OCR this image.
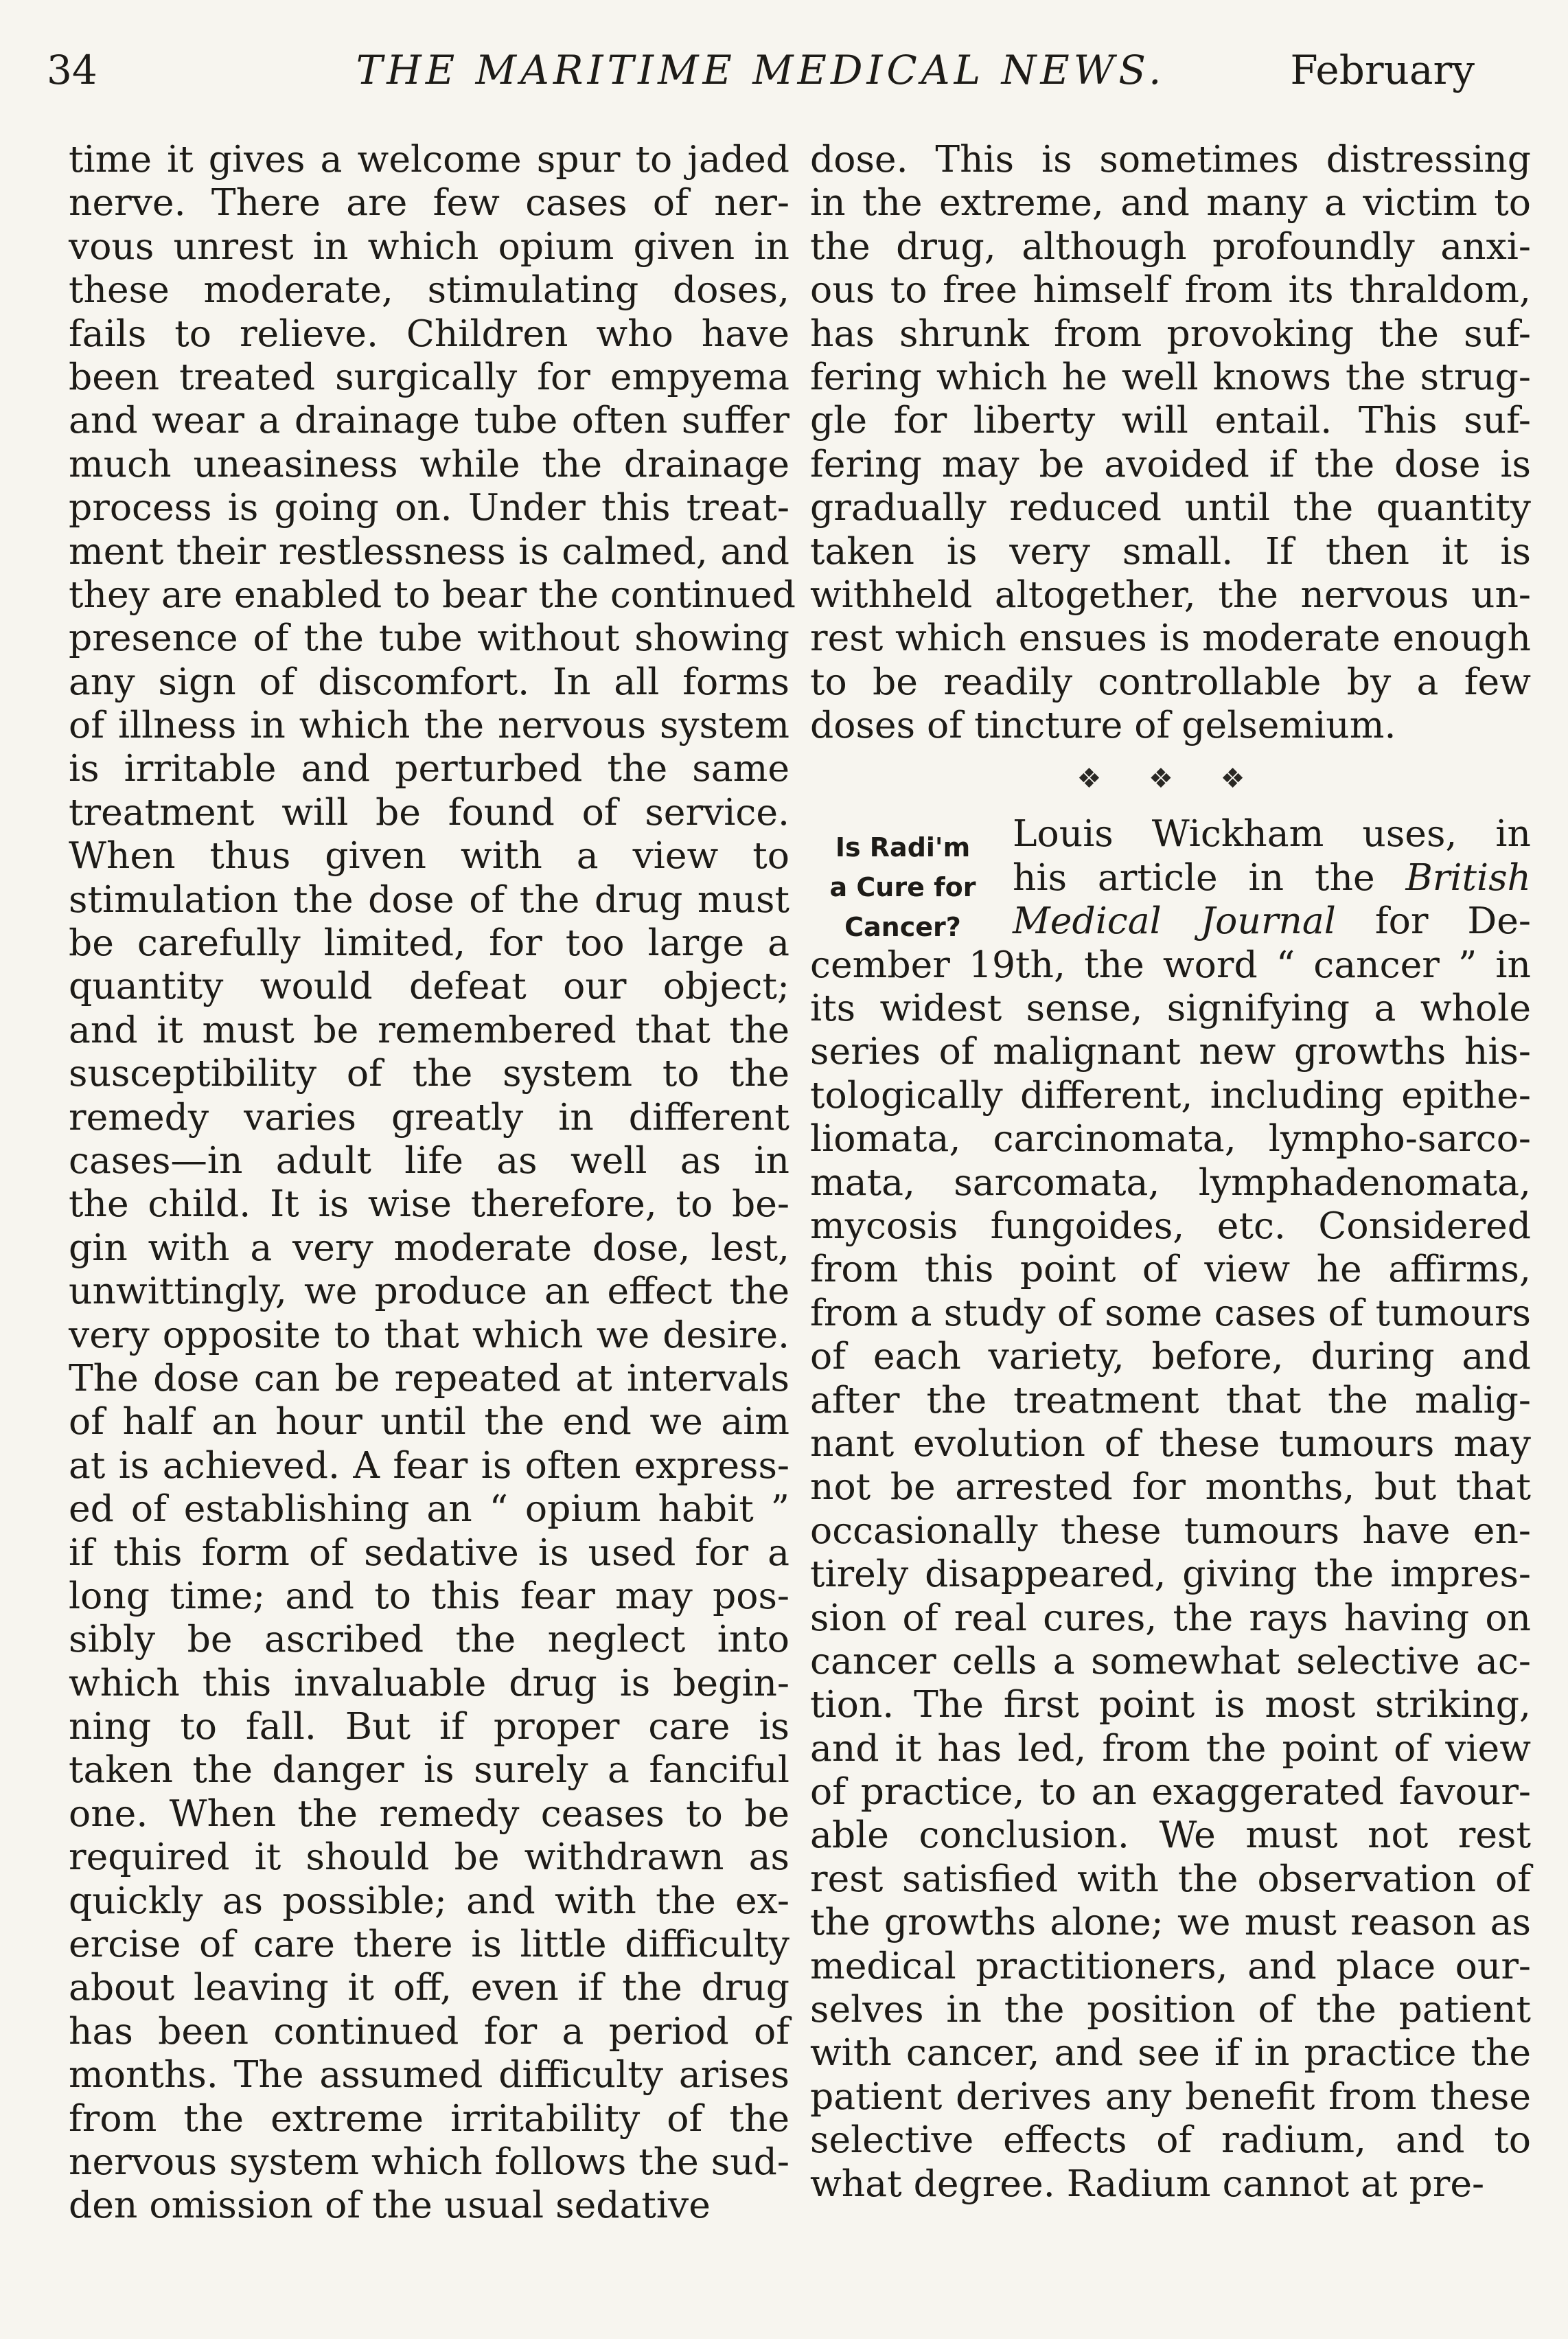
34	THE MARITIME MEDICAL NEWS.	February
time it gives a welcome spur to jaded
nerve. There are few cases of ner-
vous unrest in which opium given in
these moderate, stimulating doses,
fails to relieve. Children who have
been treated surgically for empyema
and wear a drainage tube often suffer
much uneasiness while the drainage
process is going on. Under this treat-
ment their restlessness is calmed, and
they are enabled to bear the continued
presence of the tube without showing
any sign of discomfort. In all forms
of illness in which the nervous system
is irritable and perturbed the same
treatment will be found of service.
When thus given with a view to
stimulation the dose of the drug must
be carefully limited, for too large a
quantity would defeat our object;
and it must be remembered that the
susceptibility of the system to the
remedy varies greatly in different
cases—in adult life as well as in
the child. It is wise therefore, to be-
gin with a very moderate dose, lest,
unwittingly, we produce an effect the
very opposite to that which we desire.
The dose can be repeated at intervals
of half an hour until the end we aim
at is achieved. A fear is often express-
ed of establishing an “ opium habit ”
if this form of sedative is used for a
long time; and to this fear may pos-
sibly be ascribed the neglect into
which this invaluable drug is begin-
ning to fall. But if proper care is
taken the danger is surely a fanciful
one. When the remedy ceases to be
required it should be withdrawn as
quickly as possible; and with the ex-
ercise of care there is little difficulty
about leaving it off, even if the drug
has been continued for a period of
months. The assumed difficulty arises
from the extreme irritability of the
nervous system which follows the sud-
den omission of the usual sedative
dose. This is sometimes distressing
in the extreme, and many a victim to
the drug, although profoundly anxi-
ous to free himself from its thraldom,
has shrunk from provoking the suf-
fering which he well knows the strug-
gle for liberty will entail. This suf-
fering may be avoided if the dose is
gradually reduced until the quantity
taken is very small. If then it is
withheld altogether, the nervous un-
rest which ensues is moderate enough
to be readily controllable by a few
doses of tincture of gelsemium.
❖ ❖ ❖
Louis Wickham uses, in
his article in the British
Medical Journal for De-
cember 19th, the word “ cancer ” in
its widest sense, signifying a whole
series of malignant new growths his-
tologically different, including epithe-
liomata, carcinomata, lympho-sarco-
mata, sarcomata, lymphadenomata,
mycosis fungoides, etc. Considered
from this point of view he affirms,
from a study of some cases of tumours
of each variety, before, during and
after the treatment that the malig-
nant evolution of these tumours may
not be arrested for months, but that
occasionally these tumours have en-
tirely disappeared, giving the impres-
sion of real cures, the rays having on
cancer cells a somewhat selective ac-
tion. The first point is most striking,
and it has led, from the point of view
of practice, to an exaggerated favour-
able conclusion. We must not rest
rest satisfied with the observation of
the growths alone; we must reason as
medical practitioners, and place our-
selves in the position of the patient
with cancer, and see if in practice the
patient derives any benefit from these
selective effects of radium, and to
what degree. Radium cannot at pre-
Is Radi'm
a Cure for
Cancer?
